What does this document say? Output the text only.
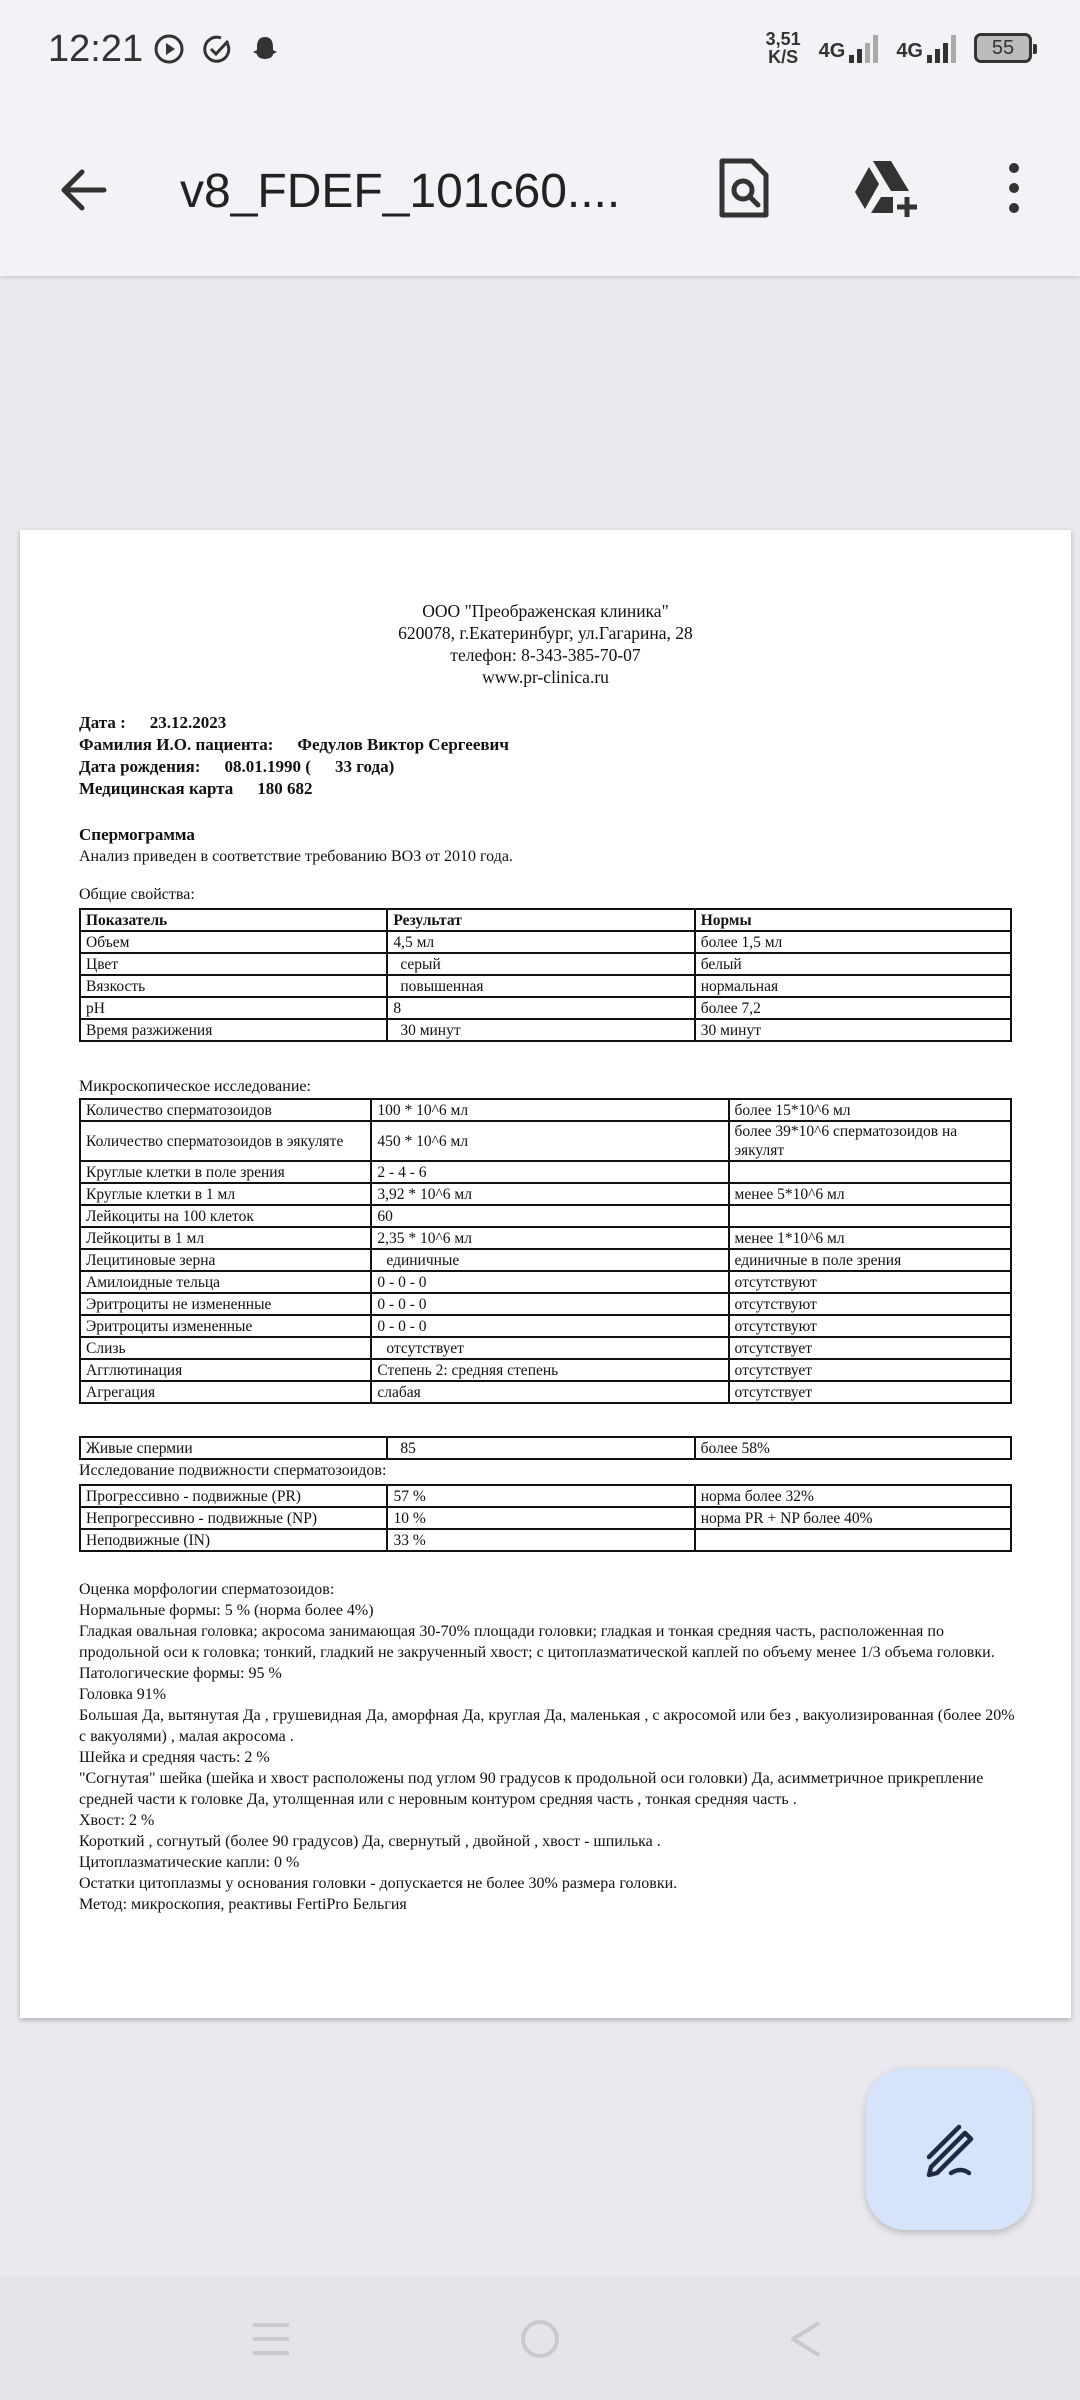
12:21	3,51
K/S 4G	4G	55
v8_FDEF_101c60....
ООО "Преображенская клиника"
620078, г.Екатеринбург, ул.Гагарина, 28
телефон: 8-343-385-70-07
www.pr-clinica.ru
Дата : 23.12.2023
Фамилия И.О. пациента: Федулов Виктор Сергеевич
Дата рождения: 08.01.1990 ( 33 года)
Медицинская карта 180 682
Спермограмма
Анализ приведен в соответствие требованию ВОЗ от 2010 года.
Общие свойства:
Показатель	Результат	Нормы
Объем	4,5 мл	более 1,5 мл
Цвет	серый	белый
Вязкость	повышенная	нормальная
pH	8	более 7,2
Время разжижения	30 минут	30 минут
Микроскопическое исследование:
Количество сперматозоидов	100 * 10^6 мл	более 15*10^6 мл
Количество сперматозоидов в эякуляте	450 * 10^6 мл	более 39*10^6 сперматозоидов на эякулят
Круглые клетки в поле зрения	2 - 4 - 6	
Круглые клетки в 1 мл	3,92 * 10^6 мл	менее 5*10^6 мл
Лейкоциты на 100 клеток	60	
Лейкоциты в 1 мл	2,35 * 10^6 мл	менее 1*10^6 мл
Лецитиновые зерна	единичные	единичные в поле зрения
Амилоидные тельца	0 - 0 - 0	отсутствуют
Эритроциты не измененные	0 - 0 - 0	отсутствуют
Эритроциты измененные	0 - 0 - 0	отсутствуют
Слизь	отсутствует	отсутствует
Агглютинация	Степень 2: средняя степень	отсутствует
Агрегация	слабая	отсутствует
Живые спермии	85	более 58%
Исследование подвижности сперматозоидов:
Прогрессивно - подвижные (PR)	57 %	норма более 32%
Непрогрессивно - подвижные (NP)	10 %	норма PR + NP более 40%
Неподвижные (IN)	33 %	

Оценка морфологии сперматозоидов:

Нормальные формы: 5 % (норма более 4%)

Гладкая овальная головка; акросома занимающая 30-70% площади головки; гладкая и тонкая средняя часть, расположенная по продольной оси к головка; тонкий, гладкий не закрученный хвост; с цитоплазматической каплей по объему менее 1/3 объема головки.

Патологические формы: 95 %

Головка 91%

Большая Да, вытянутая Да , грушевидная Да, аморфная Да, круглая Да, маленькая , с акросомой или без , вакуолизированная (более 20% с вакуолями) , малая акросома .

Шейка и средняя часть: 2 %

"Согнутая" шейка (шейка и хвост расположены под углом 90 градусов к продольной оси головки) Да, асимметричное прикрепление средней части к головке Да, утолщенная или с неровным контуром средняя часть , тонкая средняя часть .

Хвост: 2 %

Короткий , согнутый (более 90 градусов) Да, свернутый , двойной , хвост - шпилька .

Цитоплазматические капли: 0 %

Остатки цитоплазмы у основания головки - допускается не более 30% размера головки.

Метод: микроскопия, реактивы FertiPro Бельгия
